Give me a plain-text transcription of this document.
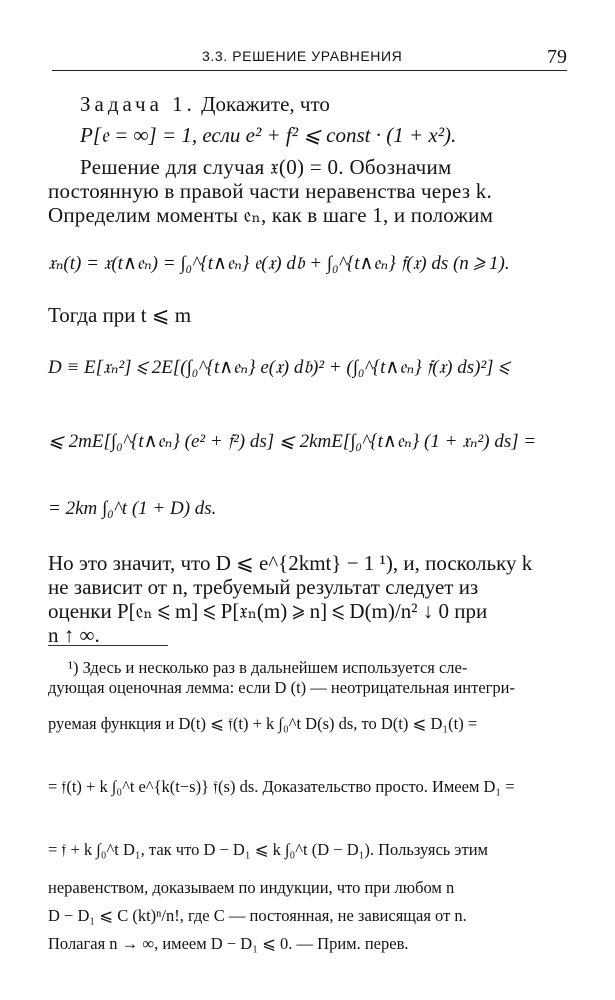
3.3. РЕШЕНИЕ УРАВНЕНИЯ	79
Задача 1. Докажите, что
P[𝔢 = ∞] = 1, если e² + f² ⩽ const · (1 + x²).
Решение для случая 𝔵(0) = 0. Обозначим
постоянную в правой части неравенства через k.
Определим моменты 𝔢ₙ, как в шаге 1, и положим
𝔵ₙ(t) = 𝔵(t∧𝔢ₙ) = ∫₀^{t∧𝔢ₙ} 𝔢(𝔵) d𝔟 + ∫₀^{t∧𝔢ₙ} 𝔣(𝔵) ds (n ⩾ 1).
Тогда при t ⩽ m
D ≡ E[𝔵ₙ²] ⩽ 2E[(∫₀^{t∧𝔢ₙ} e(𝔵) d𝔟)² + (∫₀^{t∧𝔢ₙ} 𝔣(𝔵) ds)²] ⩽
⩽ 2mE[∫₀^{t∧𝔢ₙ} (e² + 𝔣²) ds] ⩽ 2kmE[∫₀^{t∧𝔢ₙ} (1 + 𝔵ₙ²) ds] =
= 2km ∫₀^t (1 + D) ds.
Но это значит, что D ⩽ e^{2kmt} − 1 ¹), и, поскольку k
не зависит от n, требуемый результат следует из
оценки P[𝔢ₙ ⩽ m] ⩽ P[𝔵ₙ(m) ⩾ n] ⩽ D(m)/n² ↓ 0 при
n ↑ ∞.
¹) Здесь и несколько раз в дальнейшем используется сле-
дующая оценочная лемма: если D (t) — неотрицательная интегри-
руемая функция и D(t) ⩽ 𝔣(t) + k ∫₀^t D(s) ds, то D(t) ⩽ D₁(t) =
= 𝔣(t) + k ∫₀^t e^{k(t−s)} 𝔣(s) ds. Доказательство просто. Имеем D₁ =
= 𝔣 + k ∫₀^t D₁, так что D − D₁ ⩽ k ∫₀^t (D − D₁). Пользуясь этим
неравенством, доказываем по индукции, что при любом n
D − D₁ ⩽ C (kt)ⁿ/n!, где C — постоянная, не зависящая от n.
Полагая n → ∞, имеем D − D₁ ⩽ 0. — Прим. перев.
